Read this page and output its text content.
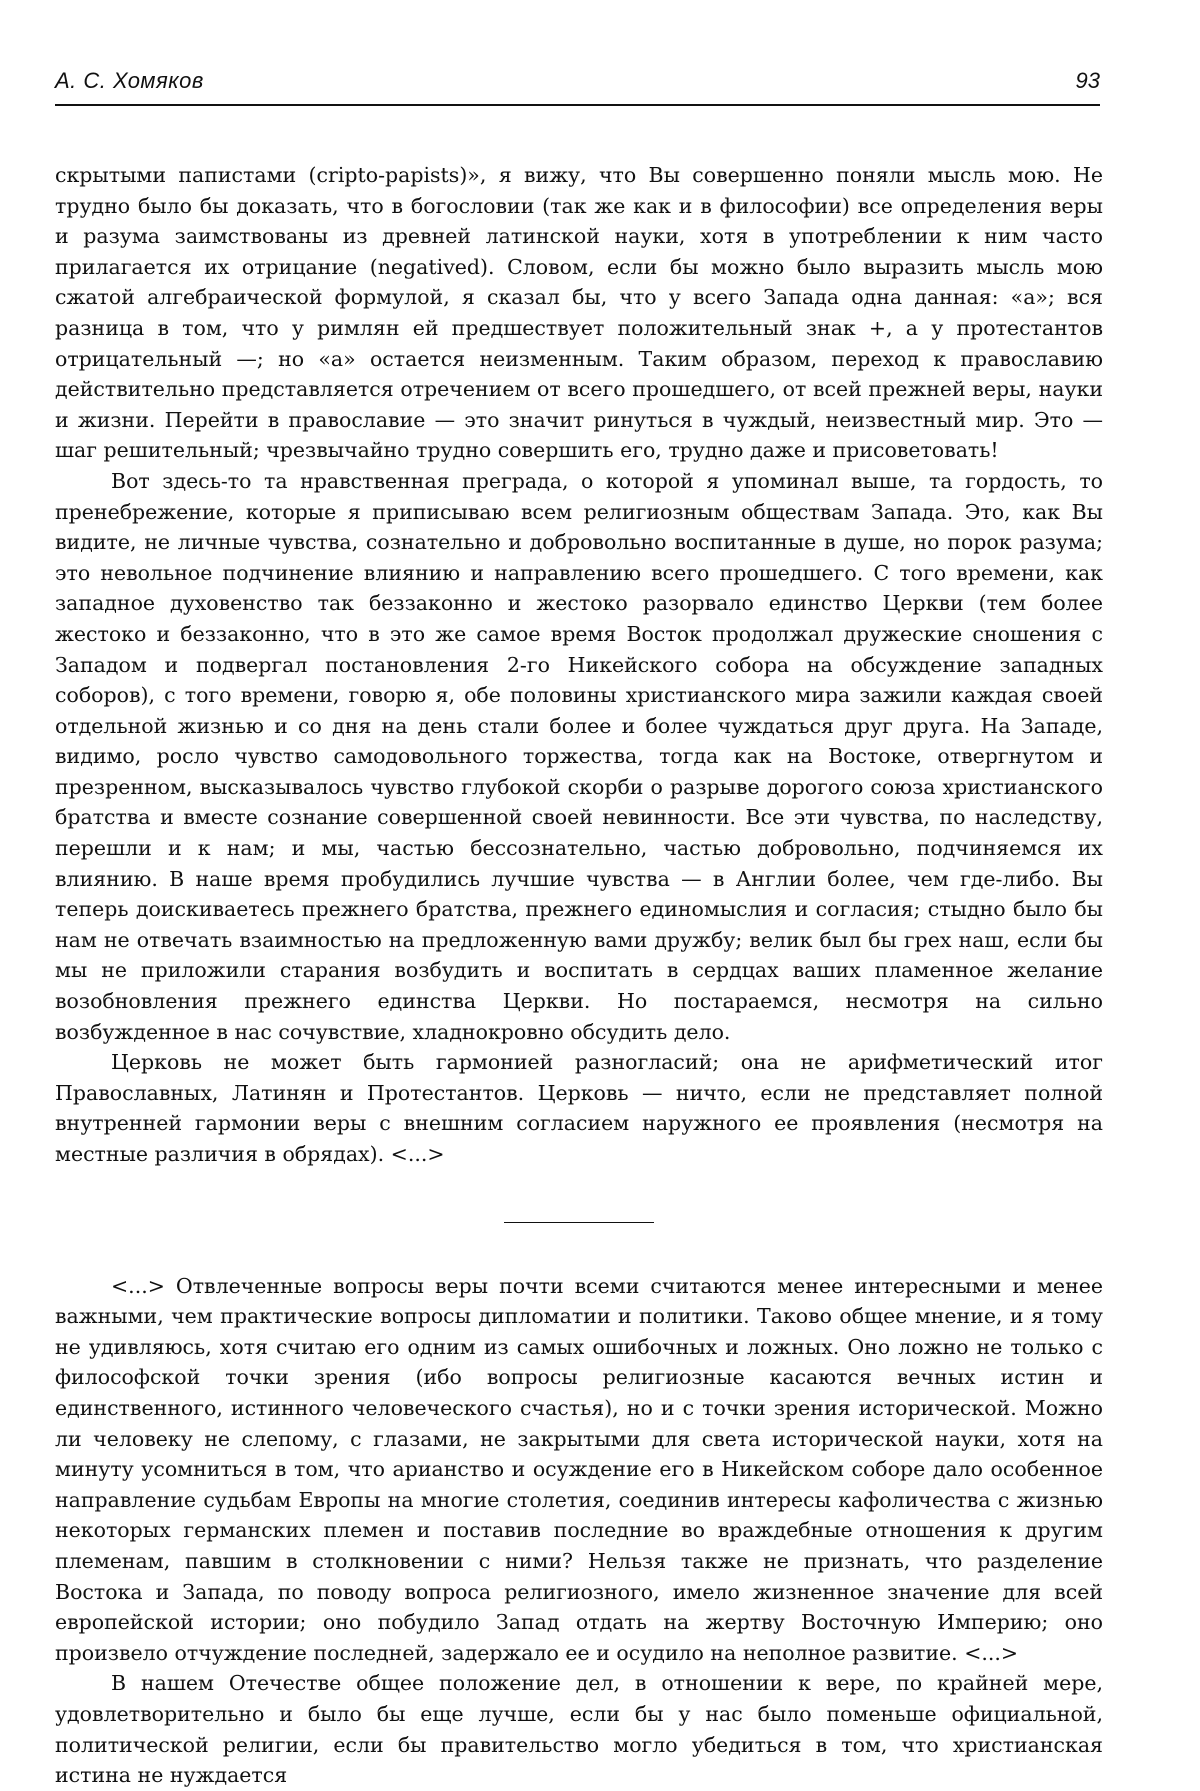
А. С. Хомяков	93

скрытыми папистами (cripto-papists)», я вижу, что Вы совершенно поняли мысль мою. Не трудно было бы доказать, что в богословии (так же как и в философии) все определения веры и разума заимствованы из древней латинской науки, хотя в употреблении к ним часто прилагается их отрицание (negatived). Словом, если бы можно было выразить мысль мою сжатой алгебраической формулой, я сказал бы, что у всего Запада одна данная: «а»; вся разница в том, что у римлян ей предшествует положительный знак +, а у протестантов отрицательный —; но «а» остается неизменным. Таким образом, переход к православию действительно представляется отречением от всего прошедшего, от всей прежней веры, науки и жизни. Перейти в православие — это значит ринуться в чуждый, неизвестный мир. Это — шаг решительный; чрезвычайно трудно совершить его, трудно даже и присоветовать!

Вот здесь-то та нравственная преграда, о которой я упоминал выше, та гордость, то пренебрежение, которые я приписываю всем религиозным обществам Запада. Это, как Вы видите, не личные чувства, сознательно и добровольно воспитанные в душе, но порок разума; это невольное подчинение влиянию и направлению всего прошедшего. С того времени, как западное духовенство так беззаконно и жестоко разорвало единство Церкви (тем более жестоко и беззаконно, что в это же самое время Восток продолжал дружеские сношения с Западом и подвергал постановления 2-го Никейского собора на обсуждение западных соборов), с того времени, говорю я, обе половины христианского мира зажили каждая своей отдельной жизнью и со дня на день стали более и более чуждаться друг друга. На Западе, видимо, росло чувство самодовольного торжества, тогда как на Востоке, отвергнутом и презренном, высказывалось чувство глубокой скорби о разрыве дорогого союза христианского братства и вместе сознание совершенной своей невинности. Все эти чувства, по наследству, перешли и к нам; и мы, частью бессознательно, частью добровольно, подчиняемся их влиянию. В наше время пробудились лучшие чувства — в Англии более, чем где-либо. Вы теперь доискиваетесь прежнего братства, прежнего единомыслия и согласия; стыдно было бы нам не отвечать взаимностью на предложенную вами дружбу; велик был бы грех наш, если бы мы не приложили старания возбудить и воспитать в сердцах ваших пламенное желание возобновления прежнего единства Церкви. Но постараемся, несмотря на сильно возбужденное в нас сочувствие, хладнокровно обсудить дело.

Церковь не может быть гармонией разногласий; она не арифметический итог Православных, Латинян и Протестантов. Церковь — ничто, если не представляет полной внутренней гармонии веры с внешним согласием наружного ее проявления (несмотря на местные различия в обрядах). <...>

<...> Отвлеченные вопросы веры почти всеми считаются менее интересными и менее важными, чем практические вопросы дипломатии и политики. Таково общее мнение, и я тому не удивляюсь, хотя считаю его одним из самых ошибочных и ложных. Оно ложно не только с философской точки зрения (ибо вопросы религиозные касаются вечных истин и единственного, истинного человеческого счастья), но и с точки зрения исторической. Можно ли человеку не слепому, с глазами, не закрытыми для света исторической науки, хотя на минуту усомниться в том, что арианство и осуждение его в Никейском соборе дало особенное направление судьбам Европы на многие столетия, соединив интересы кафоличества с жизнью некоторых германских племен и поставив последние во враждебные отношения к другим племенам, павшим в столкновении с ними? Нельзя также не признать, что разделение Востока и Запада, по поводу вопроса религиозного, имело жизненное значение для всей европейской истории; оно побудило Запад отдать на жертву Восточную Империю; оно произвело отчуждение последней, задержало ее и осудило на неполное развитие. <...>

В нашем Отечестве общее положение дел, в отношении к вере, по крайней мере, удовлетворительно и было бы еще лучше, если бы у нас было поменьше официальной, политической религии, если бы правительство могло убедиться в том, что христианская истина не нуждается
